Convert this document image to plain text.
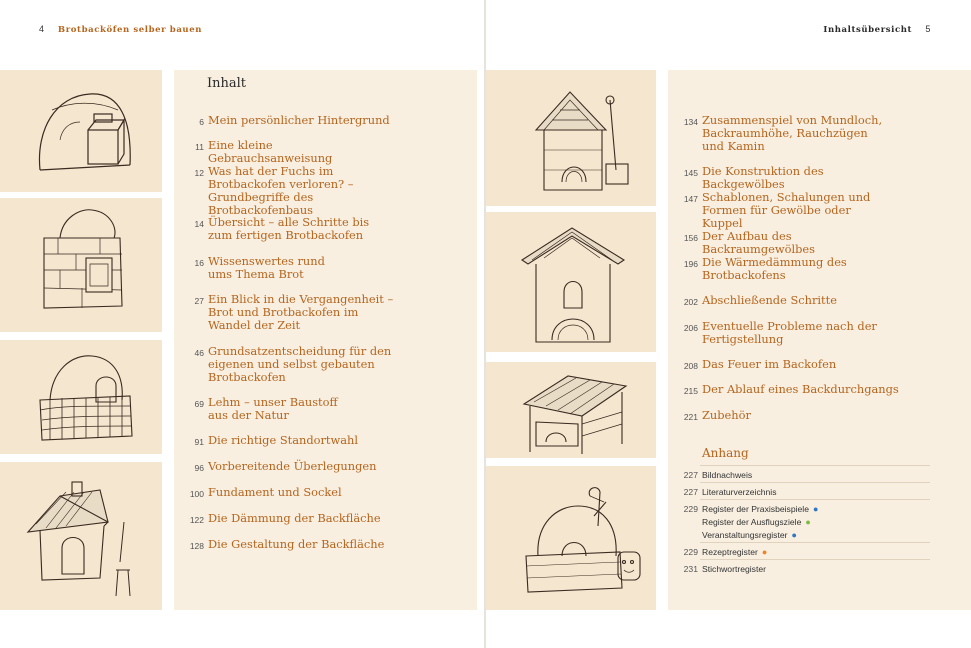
4 Brotbacköfen selber bauen	Inhaltsübersicht 5
Inhalt
6 Mein persönlicher Hintergrund
11 Eine kleine Gebrauchsanweisung
12 Was hat der Fuchs im Brotbackofen verloren? – Grundbegriffe des Brotbackofenbaus
14 Übersicht – alle Schritte bis zum fertigen Brotbackofen
16 Wissenswertes rund ums Thema Brot
27 Ein Blick in die Vergangenheit – Brot und Brotbackofen im Wandel der Zeit
46 Grundsatzentscheidung für den eigenen und selbst gebauten Brotbackofen
69 Lehm – unser Baustoff aus der Natur
91 Die richtige Standortwahl
96 Vorbereitende Überlegungen
100 Fundament und Sockel
122 Die Dämmung der Backfläche
128 Die Gestaltung der Backfläche
134 Zusammenspiel von Mundloch, Backraumhöhe, Rauchzügen und Kamin
145 Die Konstruktion des Backgewölbes
147 Schablonen, Schalungen und Formen für Gewölbe oder Kuppel
156 Der Aufbau des Backraumgewölbes
196 Die Wärmedämmung des Brotbackofens
202 Abschließende Schritte
206 Eventuelle Probleme nach der Fertigstellung
208 Das Feuer im Backofen
215 Der Ablauf eines Backdurchgangs
221 Zubehör
Anhang
227 Bildnachweis
227 Literaturverzeichnis
229 Register der Praxisbeispiele ●
Register der Ausflugsziele ●
Veranstaltungsregister ●
229 Rezeptregister ●
231 Stichwortregister
